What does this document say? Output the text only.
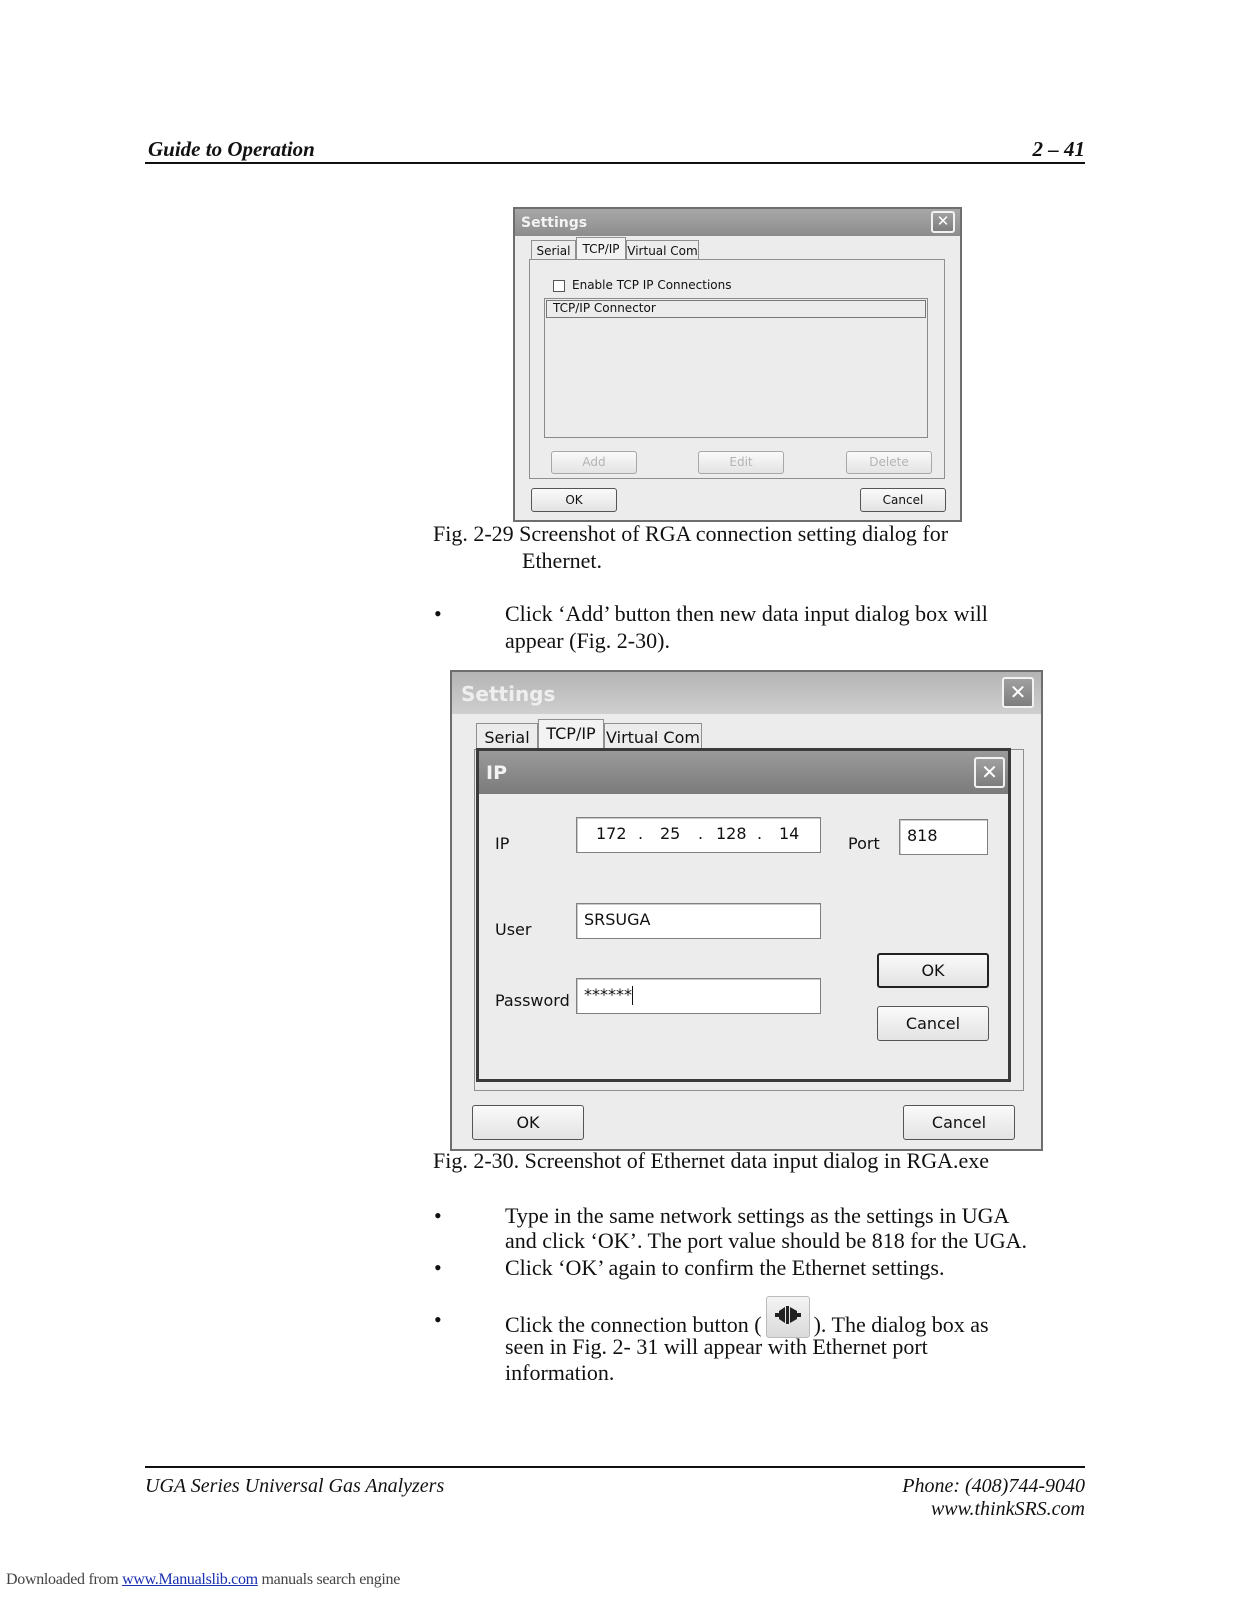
Guide to Operation	2 – 41
Settings	✕
Serial TCP/IP Virtual Com
Enable TCP IP Connections
TCP/IP Connector
Add	Edit	Delete
OK	Cancel
Fig. 2-29 Screenshot of RGA connection setting dialog for
Ethernet.
•	Click ‘Add’ button then new data input dialog box will
appear (Fig. 2-30).
Settings	✕
Serial	TCP/IP Virtual Com
IP	✕
IP
172 . 25 . 128 . 14
Port	818
User
SRSUGA
Password ******
OK
Cancel
OK	Cancel
Fig. 2-30. Screenshot of Ethernet data input dialog in RGA.exe
•	Type in the same network settings as the settings in UGA
and click ‘OK’. The port value should be 818 for the UGA.
•	Click ‘OK’ again to confirm the Ethernet settings.
•	Click the connection button ( ). The dialog box as
seen in Fig. 2- 31 will appear with Ethernet port
information.
UGA Series Universal Gas Analyzers	Phone: (408)744-9040
www.thinkSRS.com
Downloaded from www.Manualslib.com manuals search engine
